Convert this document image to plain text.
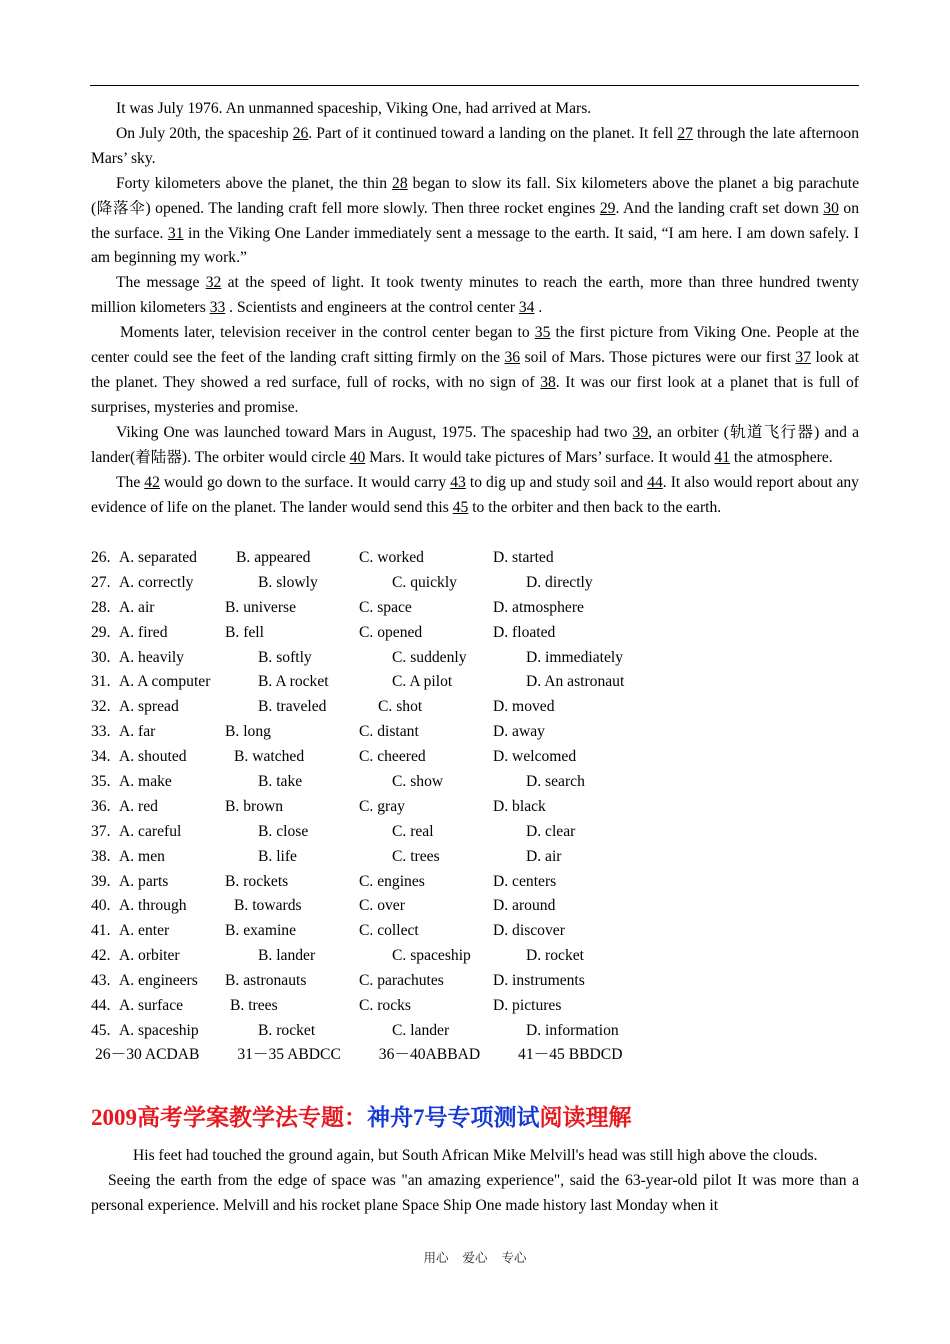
It was July 1976. An unmanned spaceship, Viking One, had arrived at Mars.

On July 20th, the spaceship 26. Part of it continued toward a landing on the planet. It fell 27 through the late afternoon Mars’ sky.

Forty kilometers above the planet, the thin 28 began to slow its fall. Six kilometers above the planet a big parachute (降落伞) opened. The landing craft fell more slowly. Then three rocket engines 29. And the landing craft set down 30 on the surface. 31 in the Viking One Lander immediately sent a message to the earth. It said, “I am here. I am down safely. I am beginning my work.”

The message 32 at the speed of light. It took twenty minutes to reach the earth, more than three hundred twenty million kilometers 33 . Scientists and engineers at the control center 34 .

Moments later, television receiver in the control center began to 35 the first picture from Viking One. People at the center could see the feet of the landing craft sitting firmly on the 36 soil of Mars. Those pictures were our first 37 look at the planet. They showed a red surface, full of rocks, with no sign of 38. It was our first look at a planet that is full of surprises, mysteries and promise.

Viking One was launched toward Mars in August, 1975. The spaceship had two 39, an orbiter (轨道飞行器) and a lander(着陆器). The orbiter would circle 40 Mars. It would take pictures of Mars’ surface. It would 41 the atmosphere.

The 42 would go down to the surface. It would carry 43 to dig up and study soil and 44. It also would report about any evidence of life on the planet. The lander would send this 45 to the orbiter and then back to the earth.

26. A. separated	B. appeared	C. worked	D. started
27. A. correctly	B. slowly	C. quickly	D. directly
28. A. air	B. universe	C. space	D. atmosphere
29. A. fired	B. fell	C. opened	D. floated
30. A. heavily	B. softly	C. suddenly	D. immediately
31. A. A computer	B. A rocket	C. A pilot	D. An astronaut
32. A. spread	B. traveled	C. shot	D. moved
33. A. far	B. long	C. distant	D. away
34. A. shouted	B. watched	C. cheered	D. welcomed
35. A. make	B. take	C. show	D. search
36. A. red	B. brown	C. gray	D. black
37. A. careful	B. close	C. real	D. clear
38. A. men	B. life	C. trees	D. air
39. A. parts	B. rockets	C. engines	D. centers
40. A. through	B. towards	C. over	D. around
41. A. enter	B. examine	C. collect	D. discover
42. A. orbiter	B. lander	C. spaceship	D. rocket
43. A. engineers B. astronauts	C. parachutes	D. instruments
44. A. surface	B. trees	C. rocks	D. pictures
45. A. spaceship	B. rocket	C. lander	D. information
26－30 ACDAB 31－35 ABDCC 36－40ABBAD 41－45 BBDCD
2009高考学案教学法专题：神舟7号专项测试阅读理解

His feet had touched the ground again, but South African Mike Melvill's head was still high above the clouds.

Seeing the earth from the edge of space was "an amazing experience", said the 63-year-old pilot It was more than a personal experience. Melvill and his rocket plane Space Ship One made history last Monday when it

用心 爱心 专心
